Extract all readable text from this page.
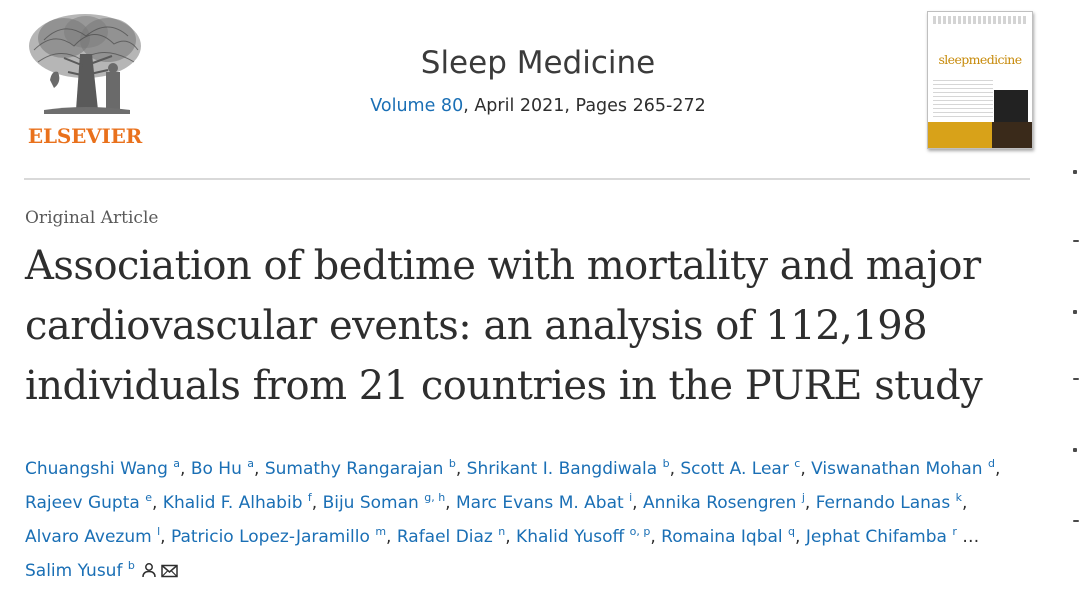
ELSEVIER
Sleep Medicine
Volume 80, April 2021, Pages 265-272
sleepmedicine
Original Article
Association of bedtime with mortality and major
cardiovascular events: an analysis of 112,198
individuals from 21 countries in the PURE study
Chuangshi Wang $^a$, Bo Hu $^a$, Sumathy Rangarajan $^b$, Shrikant I. Bangdiwala $^b$, Scott A. Lear $^c$, Viswanathan Mohan $^d$,
Rajeev Gupta $^e$, Khalid F. Alhabib $^f$, Biju Soman $^{g, h}$, Marc Evans M. Abat $^i$, Annika Rosengren $^j$, Fernando Lanas $^k$,
Alvaro Avezum $^l$, Patricio Lopez-Jaramillo $^m$, Rafael Diaz $^n$, Khalid Yusoff $^{o, p}$, Romaina Iqbal $^q$, Jephat Chifamba $^r$ …
Salim Yusuf $^b$
